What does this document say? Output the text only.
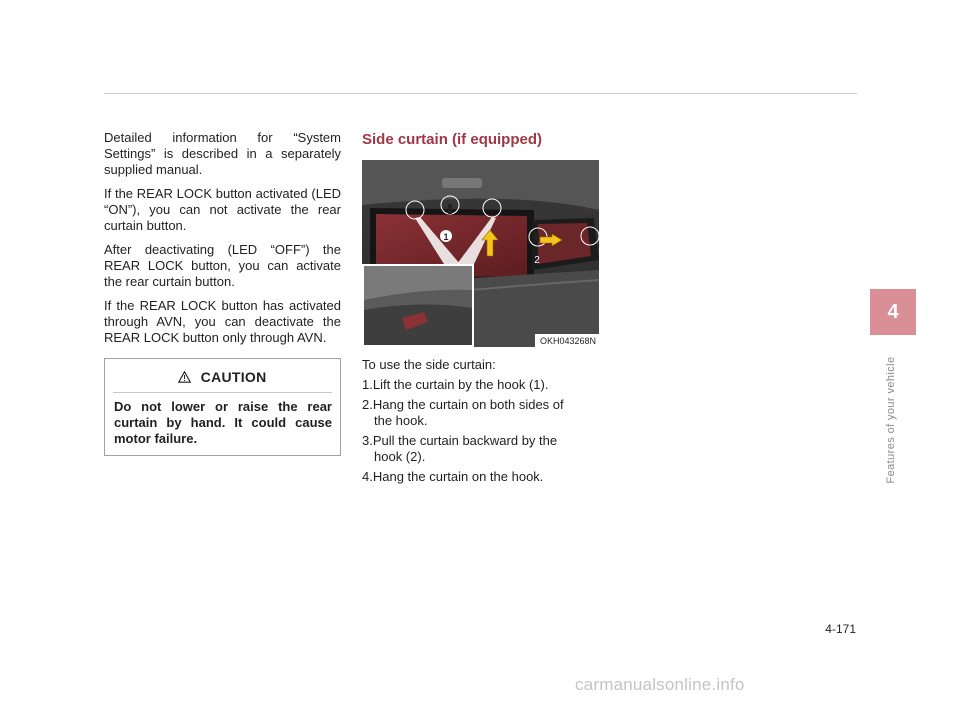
Detailed information for “System Settings” is described in a separately supplied manual.

If the REAR LOCK button activated (LED “ON”), you can not activate the rear curtain button.

After deactivating (LED “OFF”) the REAR LOCK button, you can activate the rear curtain button.

If the REAR LOCK button has activated through AVN, you can deactivate the REAR LOCK button only through AVN.

CAUTION
Do not lower or raise the rear curtain by hand. It could cause motor failure.
Side curtain (if equipped)
1
2
OKH043268N

To use the side curtain:

1.Lift the curtain by the hook (1).
2.Hang the curtain on both sides of
the hook.
3.Pull the curtain backward by the
hook (2).
4.Hang the curtain on the hook.
4
Features of your vehicle
4-171
carmanualsonline.info
